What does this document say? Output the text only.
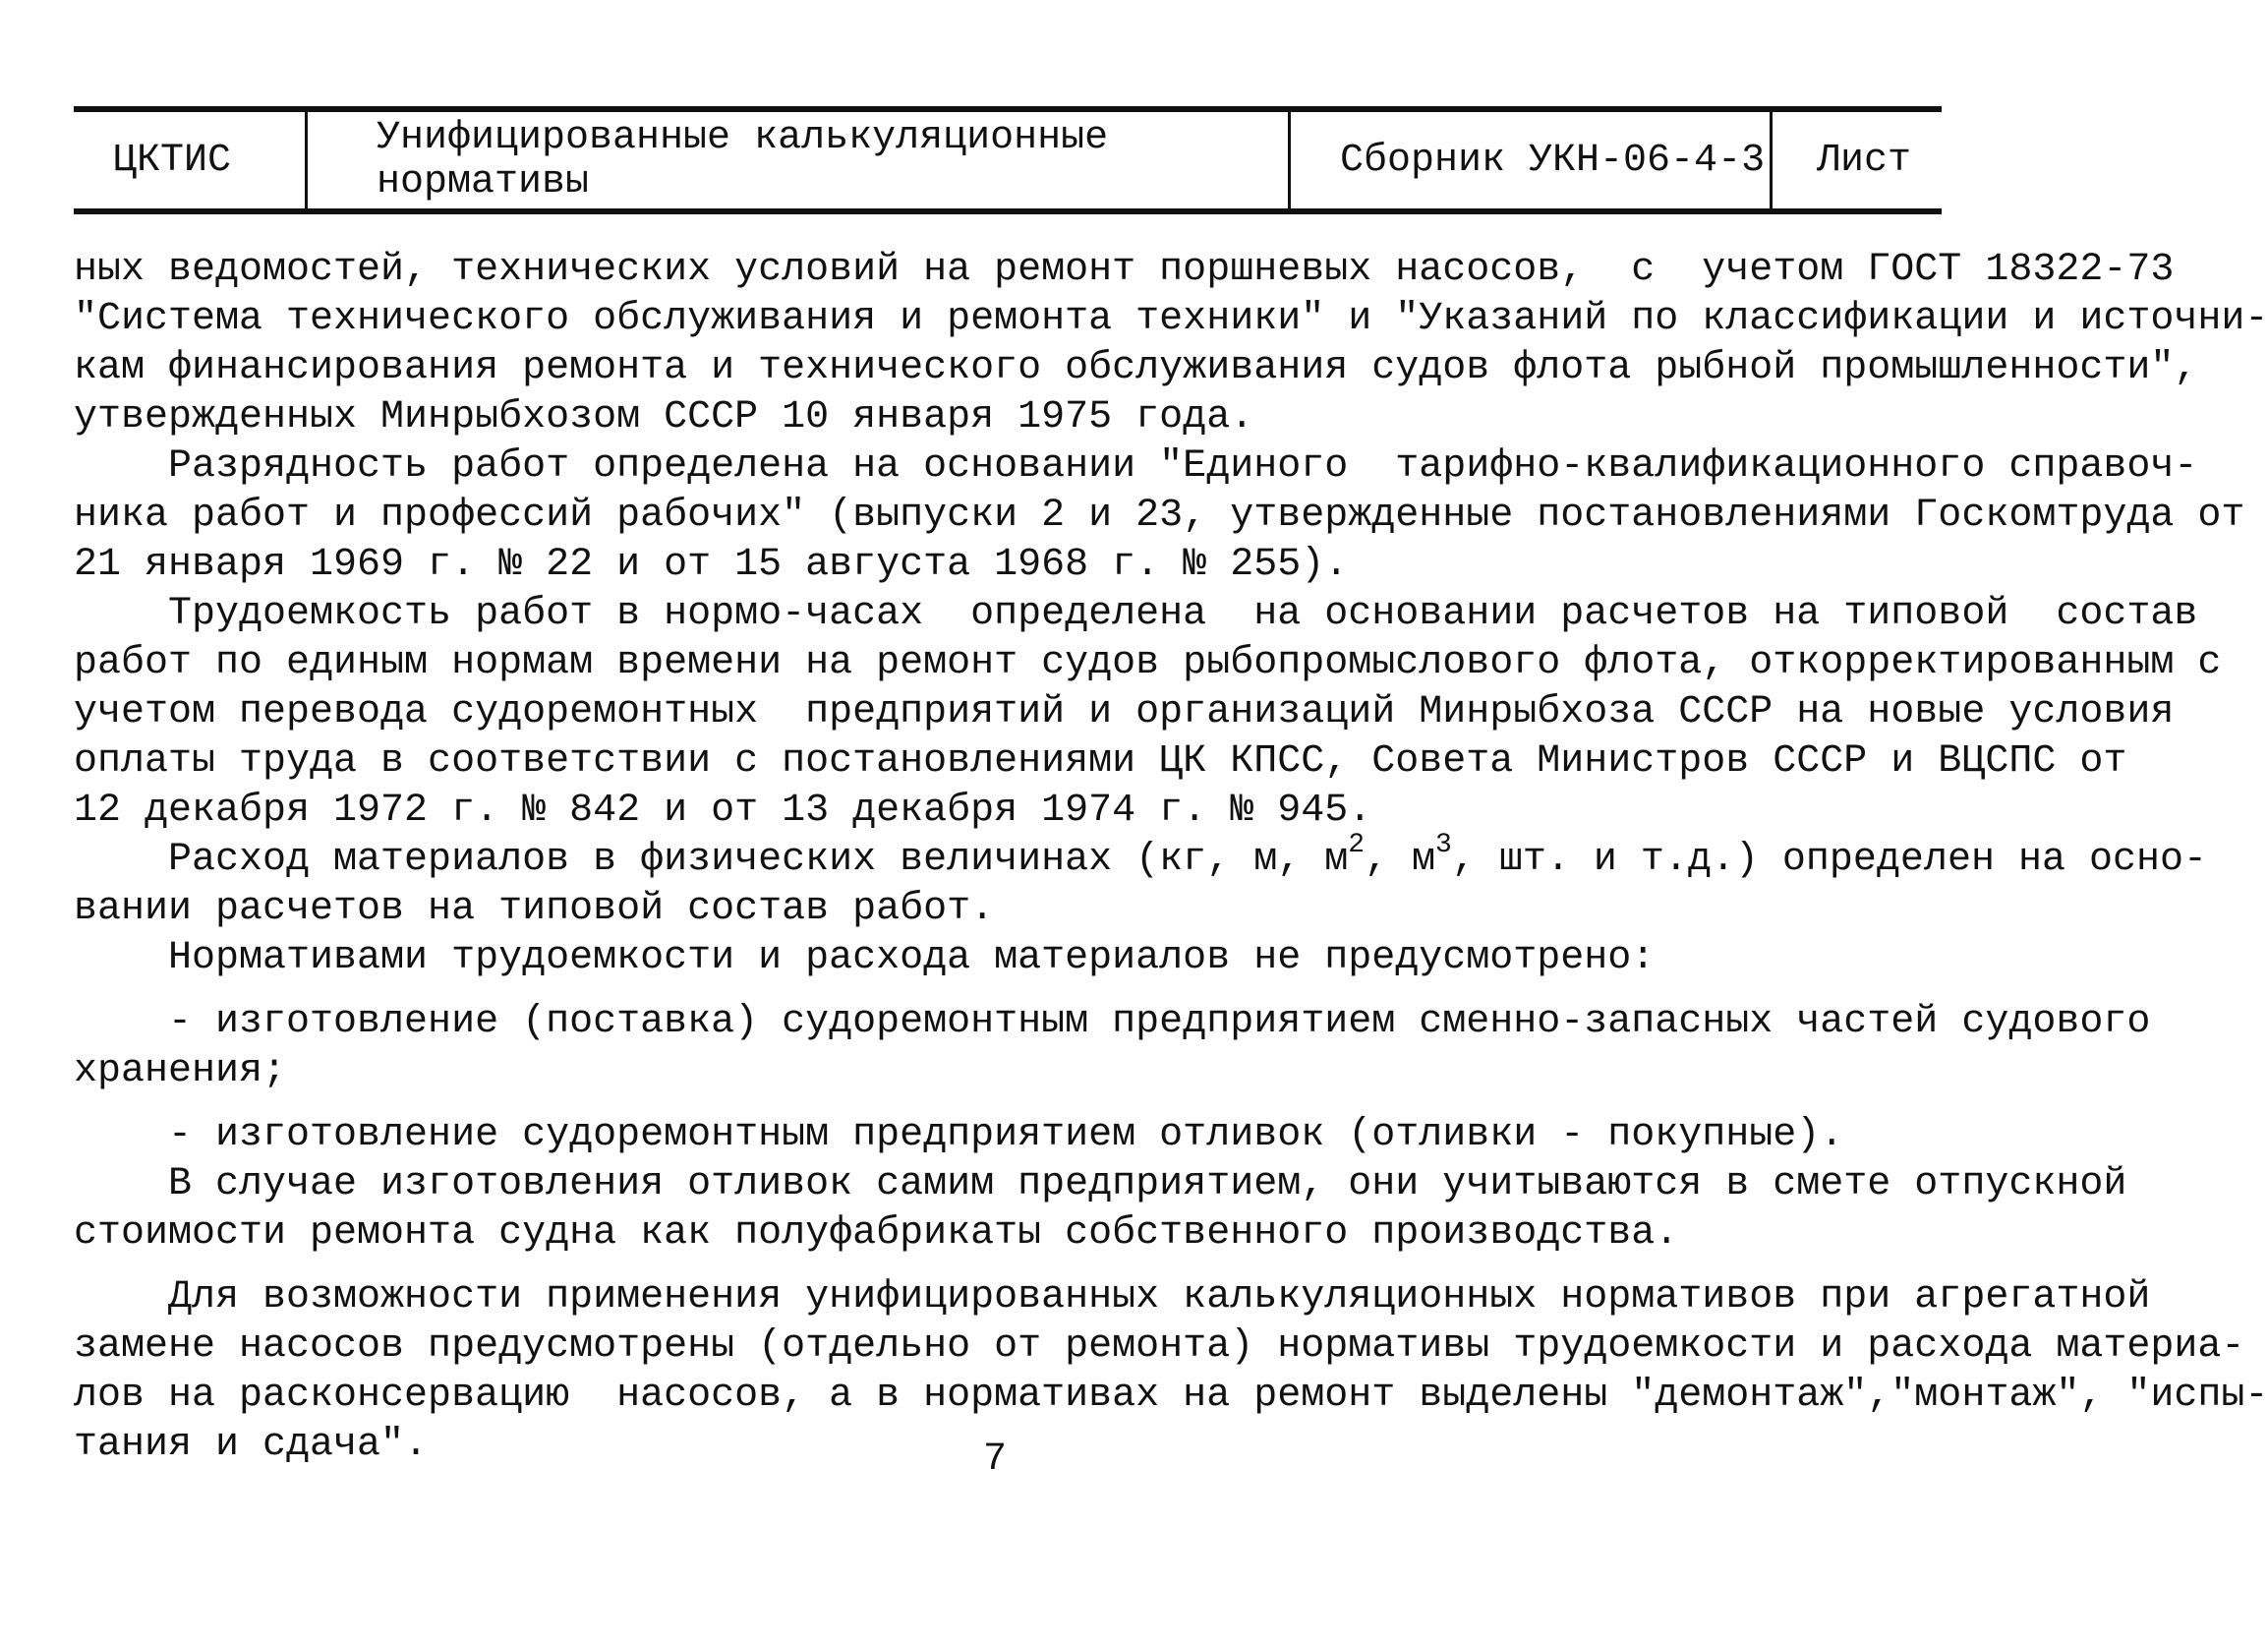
ЦКТИС	Унифицированные калькуляционные нормативы	Сборник УКН-06-4-3	Лист
ных ведомостей, технических условий на ремонт поршневых насосов,  с  учетом ГОСТ 18322-73
"Система технического обслуживания и ремонта техники" и "Указаний по классификации и источни-
кам финансирования ремонта и технического обслуживания судов флота рыбной промышленности",
утвержденных Минрыбхозом СССР 10 января 1975 года.
Разрядность работ определена на основании "Единого  тарифно-квалификационного справоч-
ника работ и профессий рабочих" (выпуски 2 и 23, утвержденные постановлениями Госкомтруда от
21 января 1969 г. № 22 и от 15 августа 1968 г. № 255).
Трудоемкость работ в нормо-часах  определена  на основании расчетов на типовой  состав
работ по единым нормам времени на ремонт судов рыбопромыслового флота, откорректированным с
учетом перевода судоремонтных  предприятий и организаций Минрыбхоза СССР на новые условия
оплаты труда в соответствии с постановлениями ЦК КПСС, Совета Министров СССР и ВЦСПС от
12 декабря 1972 г. № 842 и от 13 декабря 1974 г. № 945.
Расход материалов в физических величинах (кг, м, $м^2$, $м^3$, шт. и т.д.) определен на осно-
вании расчетов на типовой состав работ.
Нормативами трудоемкости и расхода материалов не предусмотрено:
- изготовление (поставка) судоремонтным предприятием сменно-запасных частей судового
хранения;
- изготовление судоремонтным предприятием отливок (отливки - покупные).
В случае изготовления отливок самим предприятием, они учитываются в смете отпускной
стоимости ремонта судна как полуфабрикаты собственного производства.
Для возможности применения унифицированных калькуляционных нормативов при агрегатной
замене насосов предусмотрены (отдельно от ремонта) нормативы трудоемкости и расхода материа-
лов на расконсервацию  насосов, а в нормативах на ремонт выделены "демонтаж","монтаж", "испы-
тания и сдача".	7
